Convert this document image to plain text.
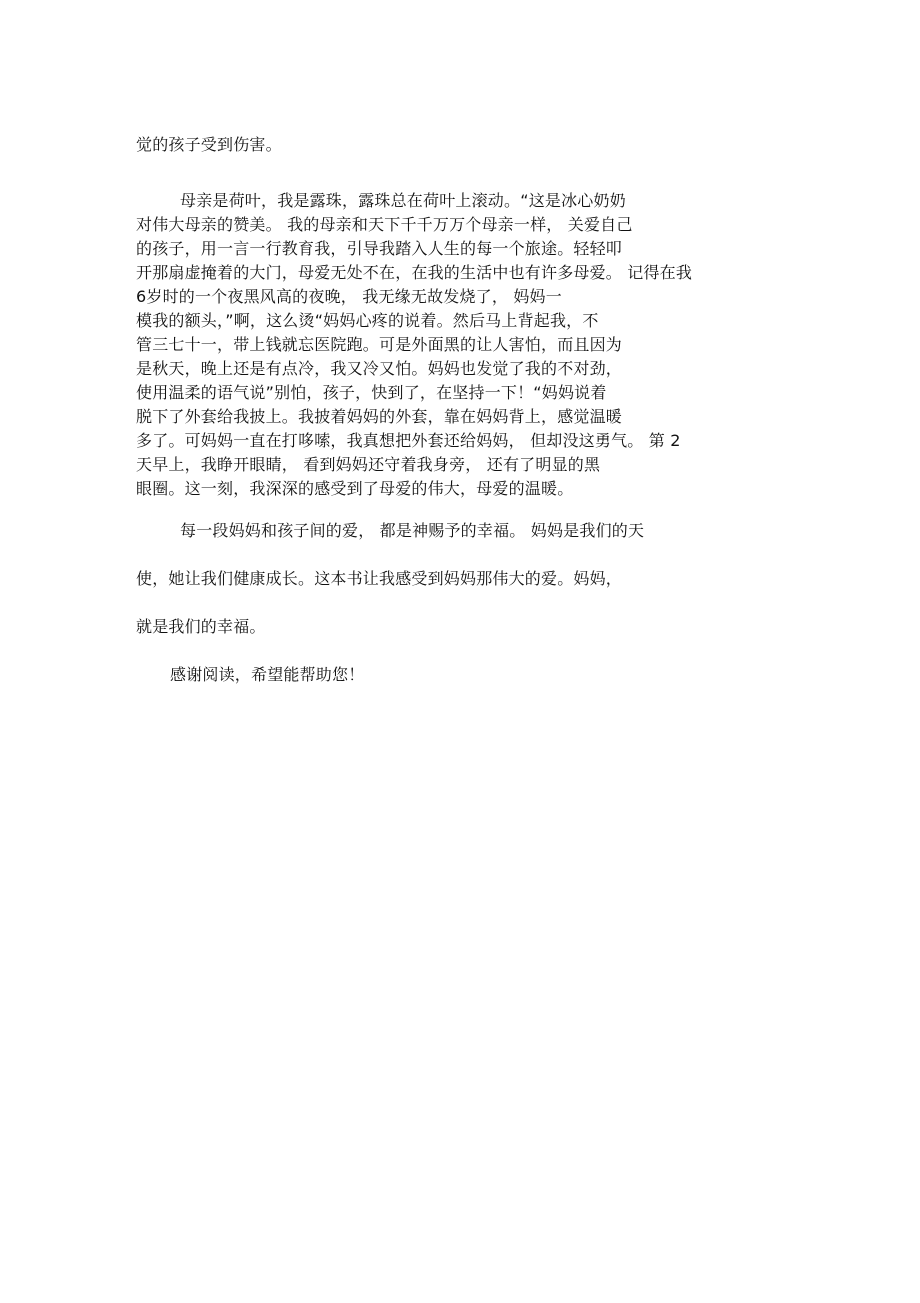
觉的孩子受到伤害。
母亲是荷叶，我是露珠，露珠总在荷叶上滚动。“这是冰心奶奶
对伟大母亲的赞美。 我的母亲和天下千千万万个母亲一样， 关爱自己
的孩子，用一言一行教育我，引导我踏入人生的每一个旅途。轻轻叩
开那扇虚掩着的大门，母爱无处不在，在我的生活中也有许多母爱。 记得在我
6岁时的一个夜黑风高的夜晚， 我无缘无故发烧了， 妈妈一
模我的额头，”啊，这么烫“妈妈心疼的说着。然后马上背起我，不
管三七十一，带上钱就忘医院跑。可是外面黑的让人害怕，而且因为
是秋天，晚上还是有点冷，我又冷又怕。妈妈也发觉了我的不对劲，
使用温柔的语气说”别怕，孩子，快到了，在坚持一下！“妈妈说着
脱下了外套给我披上。我披着妈妈的外套，靠在妈妈背上，感觉温暖
多了。可妈妈一直在打哆嗦，我真想把外套还给妈妈， 但却没这勇气。 第 2
天早上，我睁开眼睛， 看到妈妈还守着我身旁， 还有了明显的黑
眼圈。这一刻，我深深的感受到了母爱的伟大，母爱的温暖。
每一段妈妈和孩子间的爱， 都是神赐予的幸福。 妈妈是我们的天
使，她让我们健康成长。这本书让我感受到妈妈那伟大的爱。妈妈，
就是我们的幸福。
感谢阅读，希望能帮助您！
